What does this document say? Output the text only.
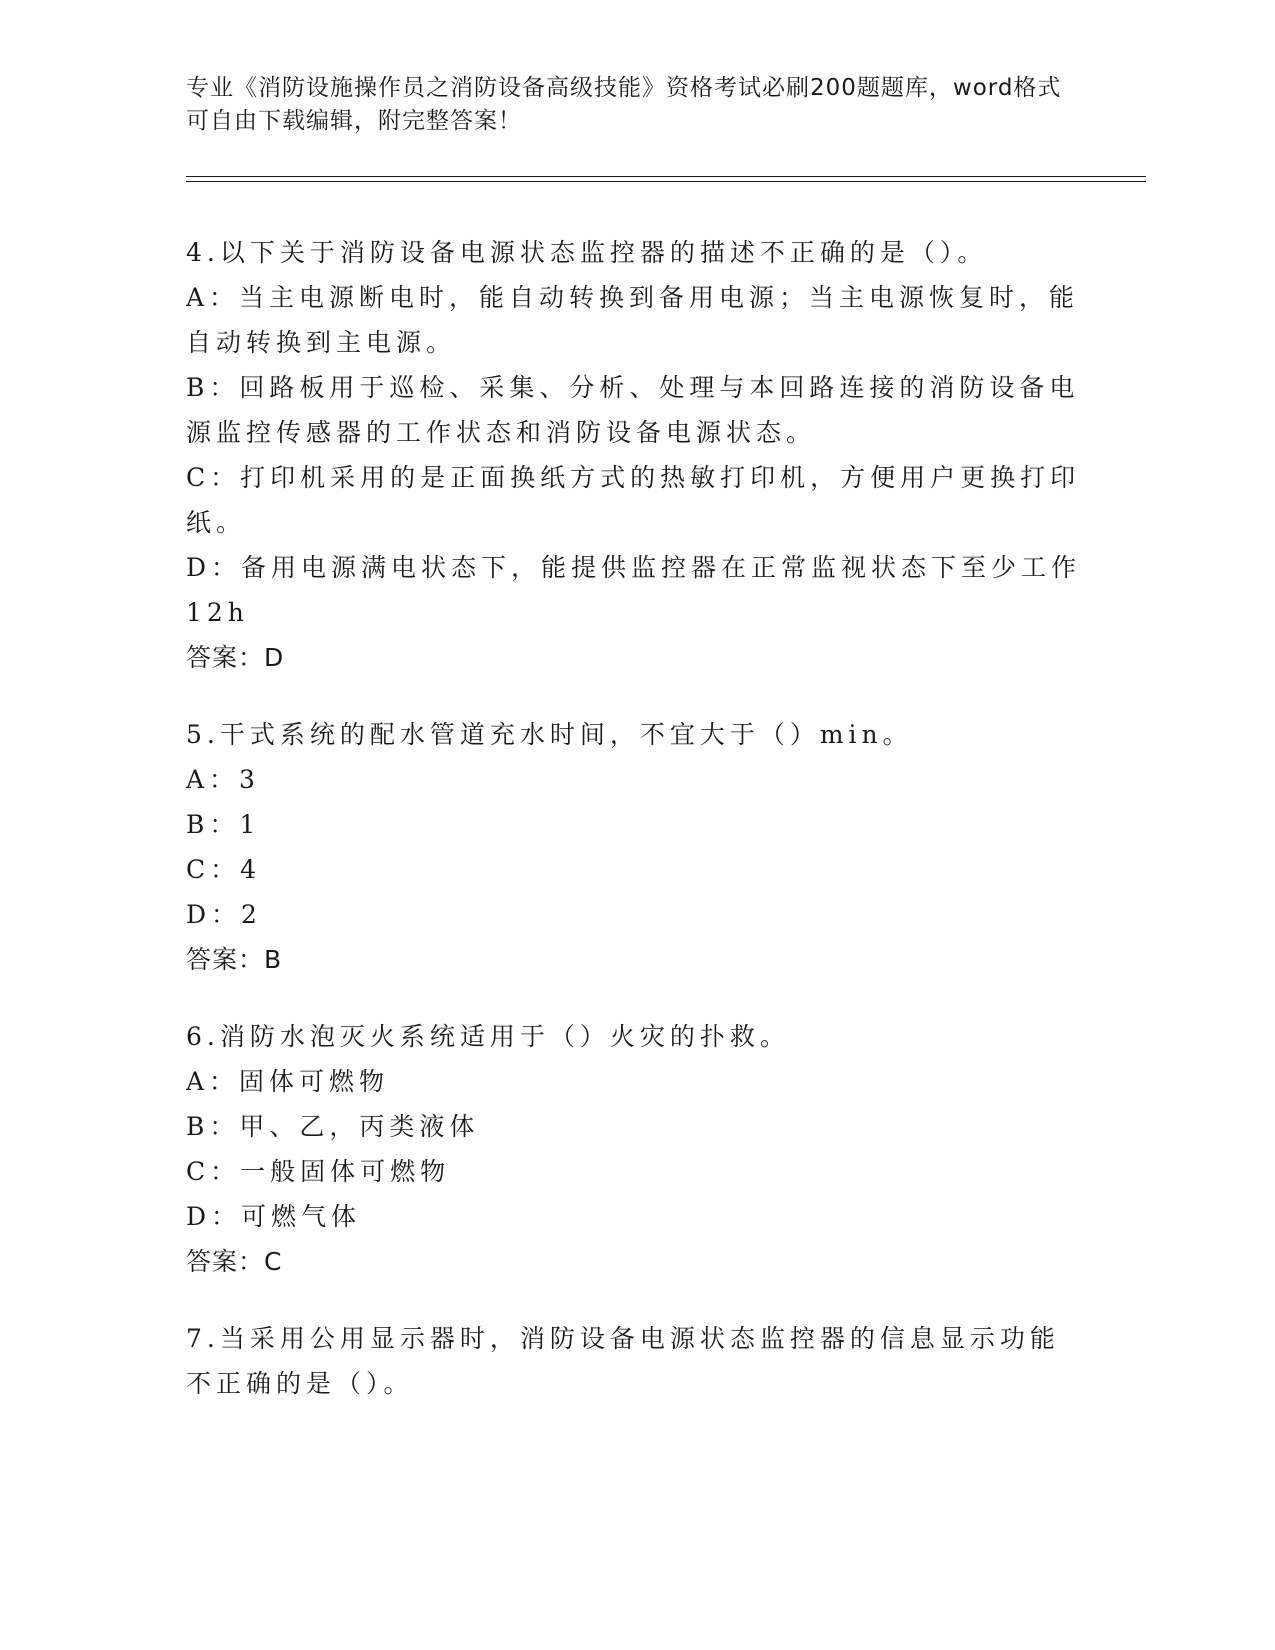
专业《消防设施操作员之消防设备高级技能》资格考试必刷200题题库，word格式可自由下载编辑，附完整答案！

4.以下关于消防设备电源状态监控器的描述不正确的是（）。

A：当主电源断电时，能自动转换到备用电源；当主电源恢复时，能自动转换到主电源。

B：回路板用于巡检、采集、分析、处理与本回路连接的消防设备电源监控传感器的工作状态和消防设备电源状态。

C：打印机采用的是正面换纸方式的热敏打印机，方便用户更换打印纸。

D：备用电源满电状态下，能提供监控器在正常监视状态下至少工作12h

答案：D

5.干式系统的配水管道充水时间，不宜大于（）min。

A：3

B：1

C：4

D：2

答案：B

6.消防水泡灭火系统适用于（）火灾的扑救。

A：固体可燃物

B：甲、乙，丙类液体

C：一般固体可燃物

D：可燃气体

答案：C

7.当采用公用显示器时，消防设备电源状态监控器的信息显示功能不正确的是（）。
